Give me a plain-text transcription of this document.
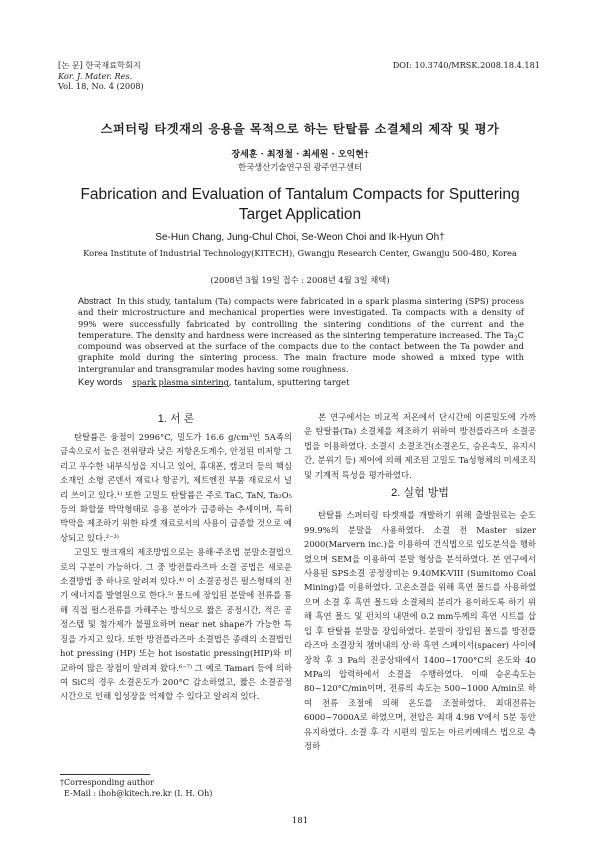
[논 문] 한국재료학회지
Kor. J. Mater. Res.
Vol. 18, No. 4 (2008)
DOI: 10.3740/MRSK.2008.18.4.181
스퍼터링 타겟재의 응용을 목적으로 하는 탄탈륨 소결체의 제작 및 평가
장세훈 · 최정철 · 최세원 · 오익현†
한국생산기술연구원 광주연구센터
Fabrication and Evaluation of Tantalum Compacts for Sputtering
Target Application
Se-Hun Chang, Jung-Chul Choi, Se-Weon Choi and Ik-Hyun Oh†
Korea Institute of Industrial Technology(KITECH), Gwangju Research Center, Gwangju 500-480, Korea
(2008년 3월 19일 접수 : 2008년 4월 3일 채택)
Abstract In this study, tantalum (Ta) compacts were fabricated in a spark plasma sintering (SPS) process and their microstructure and mechanical properties were investigated. Ta compacts with a density of 99% were successfully fabricated by controlling the sintering conditions of the current and the temperature. The density and hardness were increased as the sintering temperature increased. The $Ta_2C$ compound was observed at the surface of the compacts due to the contact between the Ta powder and graphite mold during the sintering process. The main fracture mode showed a mixed type with intergranular and transgranular modes having some roughness.
Key words spark plasma sintering, tantalum, sputtering target
1. 서 론

탄탈륨은 융점이 2996°C, 밀도가 16.6 g/cm³인 5A족의 금속으로서 높은 전위량과 낮은 저항온도계수, 안정된 비저항 그리고 우수한 내부식성을 지니고 있어, 휴대폰, 캠코더 등의 핵심소재인 소형 콘덴서 재료나 항공기, 제트엔진 부품 재료로서 널리 쓰이고 있다.¹⁾ 또한 고밀도 탄탈륨은 주로 TaC, TaN, Ta₂O₅등의 화합물 박막형태로 응용 분야가 급증하는 추세이며, 특히 박막을 제조하기 위한 타겟 재료로서의 사용이 급증할 것으로 예상되고 있다.²⁻³⁾

고밀도 벌크재의 제조방법으로는 용해·주조법 분말소결법으로의 구분이 가능하다. 그 중 방전플라즈마 소결 공법은 새로운 소결방법 중 하나로 알려져 있다.⁴⁾ 이 소결공정은 펄스형태의 전기 에너지를 발열원으로 한다.⁵⁾ 몰드에 장입된 분말에 전류를 통해 직접 펄스전류를 가해주는 방식으로 짧은 공정시간, 적은 공정스텝 및 첨가제가 불필요하며 near net shape가 가능한 특징을 가지고 있다. 또한 방전플라즈마 소결법은 종래의 소결법인 hot pressing (HP) 또는 hot isostatic pressing(HIP)와 비교하여 많은 장점이 알려져 왔다.⁶⁻⁷⁾ 그 예로 Tamari 등에 의하여 SiC의 경우 소결온도가 200°C 감소하였고, 짧은 소결공정 시간으로 인해 입성장을 억제할 수 있다고 알려져 있다.

본 연구에서는 비교적 저온에서 단시간에 이론밀도에 가까운 탄탈륨(Ta) 소결체를 제조하기 위하여 방전플라즈마 소결공법을 이용하였다. 소결시 소결조건(소결온도, 승온속도, 유지시간, 분위기 등) 제어에 의해 제조된 고밀도 Ta성형체의 미세조직 및 기계적 특성을 평가하였다.

2. 실험 방법

탄탈륨 스퍼터링 타겟재를 개발하기 위해 출발원료는 순도 99.9%의 분말을 사용하였다. 소결 전 Master sizer 2000(Marvern inc.)을 이용하여 건식법으로 입도분석을 행하였으며 SEM을 이용하여 분말 형상을 분석하였다. 본 연구에서 사용된 SPS소결 공정장비는 9.40MK-VIII (Sumitomo Coal Mining)를 이용하였다. 고온소결을 위해 흑연 몰드를 사용하였으며 소결 후 흑연 몰드와 소결체의 분리가 용이하도록 하기 위해 흑연 몰드 및 펀치의 내면에 0.2 mm두께의 흑연 시트를 삽입 후 탄탈륨 분말을 장입하였다. 분말이 장입된 몰드를 방전플라즈마 소결장치 챔버내의 상·하 흑연 스페이서(spacer) 사이에 장착 후 3 Pa의 진공상태에서 1400~1700°C의 온도와 40 MPa의 압력하에서 소결을 수행하였다. 이때 승온속도는 80~120°C/min이며, 전류의 속도는 500~1000 A/min로 하여 전류 조절에 의해 온도를 조절하였다. 최대전류는 6000~7000A로 하였으며, 전압은 최대 4.98 V에서 5분 동안 유지하였다. 소결 후 각 시편의 밀도는 아르키메데스 법으로 측정하

†Corresponding author
E-Mail : ihoh@kitech.re.kr (I. H. Oh)
181
